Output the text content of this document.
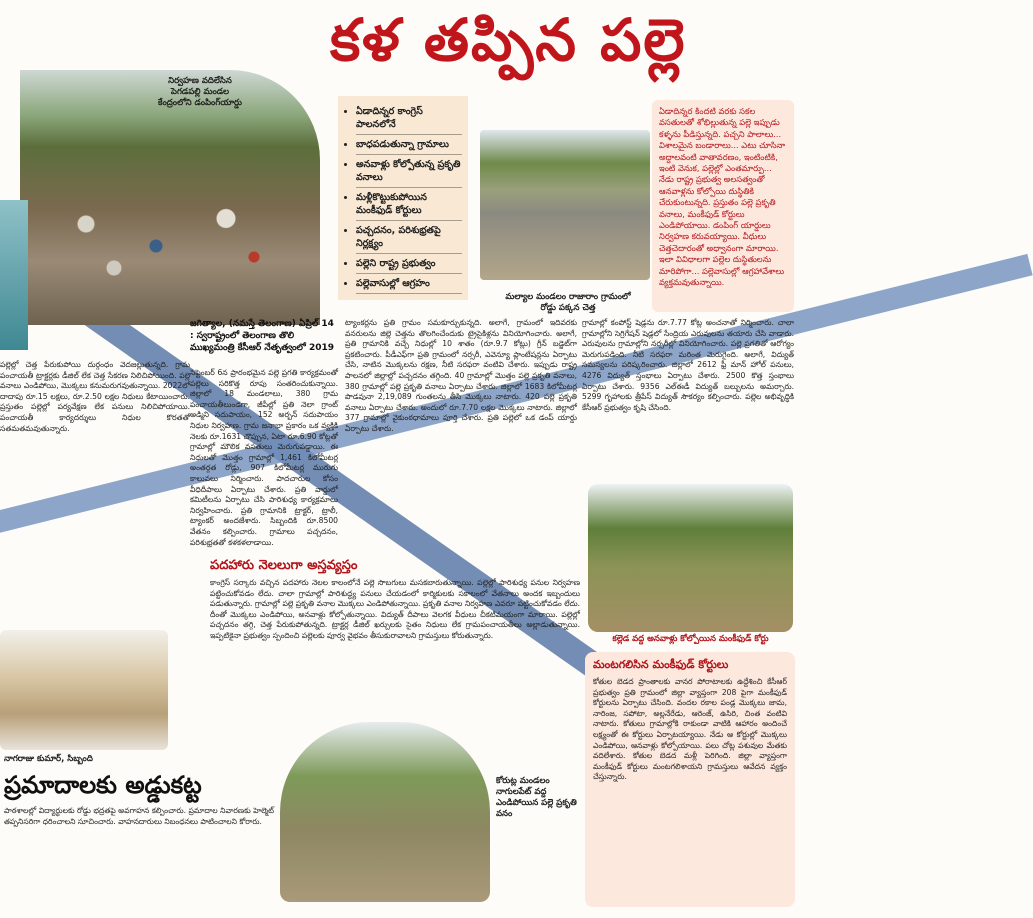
కళ తప్పిన పల్లె
నిర్వహణ వదిలేసిన
పెగడపల్లి మండల
కేంద్రంలోని డంపింగ్‌యార్డు
• ఏడాదిన్నర కాంగ్రెస్‌ పాలనలోనే
• బాధపడుతున్నా గ్రామాలు
• అనవాళ్లు కోల్పోతున్న ప్రకృతి వనాలు
• మళ్లీకొట్టుకుపోయిన మంకీఫుడ్‌ కోర్టులు
• పచ్చదనం, పరిశుభ్రతపై నిర్లక్ష్యం
• పల్లెని రాష్ట్ర ప్రభుత్వం
• పల్లెవాసుల్లో ఆగ్రహం
మల్యాల మండలం రాజారాం గ్రామంలో
రోడ్డు పక్కన చెత్త
ఏడాదిన్నర కిందటి వరకు సకల వసతులతో శోభిల్లుతున్న పల్లె ఇప్పుడు కళ్ళను పీడిస్తున్నది. పచ్చని పాలాలు... విశాలమైన బండారాలు... ఎటు చూసినా అద్దాలవంటి వాతావరణం, ఇంటింటికి, ఇంటి వెనుక, పల్లెల్లో ఎంతమార్పు... నేడు రాష్ట్ర ప్రభుత్వ అలసత్వంతో ఆనవాళ్లను కోల్పోయి దుస్థితికి చేరుకుంటున్నది. ప్రస్తుతం పల్లె ప్రకృతి వనాలు, మంకీఫుడ్‌ కోర్టులు ఎండిపోయాయి. డంపింగ్‌ యార్డులు నిర్వహణ కరువయ్యాయి. వీధులు చెత్తచెదారంతో అధ్వానంగా మారాయి. ఇలా వివిధాలగా పల్లెల దుస్థితులను మారిపోగా... పల్లెవాసుల్లో ఆగ్రహావేశాలు వ్యక్తమవుతున్నాయి.
పల్లెల్లో చెత్త పేరుకుపోయి దుర్గంధం వెదజల్లుతున్నది. గ్రామ పంచాయతీ ట్రాక్టర్లకు డీజిల్‌ లేక చెత్త సేకరణ నిలిచిపోయింది. పల్లె వనాలు ఎండిపోయి, మొక్కలు కనుమరుగవుతున్నాయి. 2022లో దాదాపు రూ.15 లక్షలు, రూ.2.50 లక్షల నిధులు కేటాయించారు. ప్రస్తుతం పల్లెల్లో పర్యవేక్షణ లేక పనులు నిలిచిపోయాయి. పంచాయతీ కార్యదర్శులు నిధుల కొరతతో సతమతమవుతున్నారు.
జగిత్యాల, (నమస్తే తెలంగాణ) ఏప్రిల్‌ 14 : స్వరాష్ట్రంలో తెలంగాణ తొలి ముఖ్యమంత్రి కేసీఆర్‌ నేతృత్వంలో 2019
సెప్టెంబర్‌ 6న ప్రారంభమైన పల్లె ప్రగతి కార్యక్రమంతో పల్లెలు సరికొత్త రూపు సంతరించుకున్నాయి. జిల్లాలో 18 మండలాలు, 380 గ్రామ పంచాయతీలుండగా, జీపీల్లో ప్రతి నెలా గ్రాంట్‌ అడ్మిని సదుపాయం, 152 అర్బన్‌ సదుపాయం నిధుల నిర్వహణ. గ్రామ జనాభా ప్రకారం ఒక వ్యక్తికి నెలకు రూ.1631 చొప్పున, ఏటా రూ.6.90 కోట్లతో గ్రామాల్లో మౌలిక వసతులు మెరుగుపడ్డాయి. ఈ నిధులతో మొత్తం గ్రామాల్లో 1,461 కిలోమీటర్ల అంతర్గత రోడ్లు, 907 కిలోమీటర్ల మురుగు కాలువలు నిర్మించారు. పాదచారుల కోసం వీధిదీపాలు ఏర్పాటు చేశారు. ప్రతి వార్డులో కమిటీలను ఏర్పాటు చేసి పారిశుధ్య కార్యక్రమాలు నిర్వహించారు. ప్రతి గ్రామానికి ట్రాక్టర్‌, ట్రాలీ, ట్యాంకర్‌ అందజేశారు. సిబ్బందికి రూ.8500 వేతనం కల్పించారు. గ్రామాలు పచ్చదనం, పరిశుభ్రతతో కళకళలాడాయి.
ట్యాంకర్లను ప్రతి గ్రామం సమకూర్చుకున్నది. అలాగే, గ్రామంలో ఇదివరకు వనరులను జిల్లె చెత్తను తొలగించేందుకు ట్రైసైకిళ్లను వినియోగించారు. అలాగే, ప్రతి గ్రామానికి వచ్చే నిధుల్లో 10 శాతం (రూ.9.7 కోట్లు) గ్రీన్‌ బడ్జెట్‌గా ప్రకటించారు. పీడీఎఫ్‌గా ప్రతి గ్రామంలో నర్సరీ, ఎవెన్యూ ప్లాంటేషన్లను ఏర్పాటు చేసి, నాటిన మొక్కలను రక్షణ, నీటి సరఫరా వంటివి చేశారు. ఇప్పుడు రాష్ట్ర పాలనలో జిల్లాల్లో పచ్చదనం తగ్గింది. 40 గ్రామాల్లో మొత్తం పల్లె ప్రకృతి వనాలు, 380 గ్రామాల్లో పల్లె ప్రకృతి వనాలు ఏర్పాటు చేశారు. జిల్లాలో 1683 కిలోమీటర్ల పొడవునా 2,19,089 గుంతలను తీసి మొక్కలు నాటారు. 420 పల్లె ప్రకృతి వనాలు ఏర్పాటు చేశారు. అందులో రూ.7.70 లక్షల మొక్కలు నాటారు. జిల్లాలో 377 గ్రామాల్లో వైకుంఠధామాలు పూర్తి చేశారు. ప్రతి పల్లెలో ఒక డంప్‌ యార్డు ఏర్పాటు చేశారు.
గ్రామాల్లో కంపోస్ట్‌ షెడ్లను రూ.7.77 కోట్ల అంచనాతో నిర్మించారు. చాలా గ్రామాల్లోని సెగ్రిగేషన్‌ షెడ్లలో సేంద్రియ ఎరువులను తయారు చేసి వాడారు. ఎరువులను గ్రామాల్లోని నర్సరీల్లో వినియోగించారు. పల్లె ప్రగతితో ఆరోగ్యం మెరుగుపడింది. నీటి సరఫరా మరింత మెరుగైంది. అలాగే, విద్యుత్‌ సమస్యలను పరిష్కరించారు. జిల్లాలో 2612 ఫ్రీ మాన్‌ హోల్‌ పనులు, 4276 విద్యుత్‌ స్తంభాలు ఏర్పాటు చేశారు. 2500 కొత్త స్తంభాలు ఏర్పాటు చేశారు. 9356 ఎల్‌ఈడీ విద్యుత్‌ బల్బులను అమర్చారు. 5299 గృహాలకు త్రీపేస్‌ విద్యుత్‌ సౌకర్యం కల్పించారు. పల్లెల అభివృద్ధికి కేసీఆర్‌ ప్రభుత్వం కృషి చేసింది.
కల్లెడ వద్ద అనవాళ్లు కోల్పోయిన మంకీఫుడ్‌ కోర్టు
మంటగలిసిన మంకీఫుడ్‌ కోర్టులు
కోతుల బెడద ప్రాంతాలకు వానర పోరాటాలకు ఉద్దేశించి కేసీఆర్‌ ప్రభుత్వం ప్రతి గ్రామంలో జిల్లా వ్యాప్తంగా 208 పైగా మంకీఫుడ్‌ కోర్టులను ఏర్పాటు చేసింది. వందల రకాల పండ్ల మొక్కలు జామ, నారింజ, సపోటా, అల్లనేరేడు, ఆరెంజ్‌, ఉసిరి, చింత వంటివి నాటారు. కోతులు గ్రామాల్లోకి రాకుండా వాటికి ఆహారం అందించే లక్ష్యంతో ఈ కోర్టులు ఏర్పాటయ్యాయి. నేడు ఆ కోర్టుల్లో మొక్కలు ఎండిపోయి, ఆనవాళ్లు కోల్పోయాయి. పలు చోట్ల పశువుల మేతకు వదిలేశారు. కోతుల బెడద మళ్లీ పెరిగింది. జిల్లా వ్యాప్తంగా మంకీఫుడ్‌ కోర్టులు మంటగలిశాయని గ్రామస్తులు ఆవేదన వ్యక్తం చేస్తున్నారు.
పదహారు నెలలుగా అస్తవ్యస్తం
కాంగ్రెస్‌ సర్కారు వచ్చిన పదహారు నెలల కాలంలోనే పల్లె సొబగులు మసకబారుతున్నాయి. పల్లెల్లో పారిశుధ్య పనుల నిర్వహణ పట్టించుకోవడం లేదు. చాలా గ్రామాల్లో పారిశుద్ధ్య పనులు చేయడంలో కార్మికులకు సకాలంలో వేతనాలు అందక ఇబ్బందులు పడుతున్నారు. గ్రామాల్లో పల్లె ప్రకృతి వనాల మొక్కలు ఎండిపోతున్నాయి. ప్రకృతి వనాల నిర్వహణ ఎవరూ పట్టించుకోవడం లేదు. దీంతో మొక్కలు ఎండిపోయి, అనవాళ్లు కోల్పోతున్నాయి. విద్యుత్‌ దీపాలు వెలగక వీధులు చీకటిమయంగా మారాయి. పల్లెల్లో పచ్చదనం తగ్గి, చెత్త పేరుకుపోతున్నది. ట్రాక్టర్ల డీజిల్‌ ఖర్చులకు సైతం నిధులు లేక గ్రామపంచాయతీలు అల్లాడుతున్నాయి. ఇప్పటికైనా ప్రభుత్వం స్పందించి పల్లెలకు పూర్వ వైభవం తీసుకురావాలని గ్రామస్తులు కోరుతున్నారు.
కోరుట్ల మండలం నాగులపేట్‌ వద్ద ఎండిపోయిన పల్లె ప్రకృతి వనం
నాగరాజు కుమార్‌, సిబ్బంది
ప్రమాదాలకు అడ్డుకట్ట
పాఠశాలల్లో విద్యార్థులకు రోడ్డు భద్రతపై అవగాహన కల్పించారు. ప్రమాదాల నివారణకు హెల్మెట్‌ తప్పనిసరిగా ధరించాలని సూచించారు. వాహనదారులు నిబంధనలు పాటించాలని కోరారు.
